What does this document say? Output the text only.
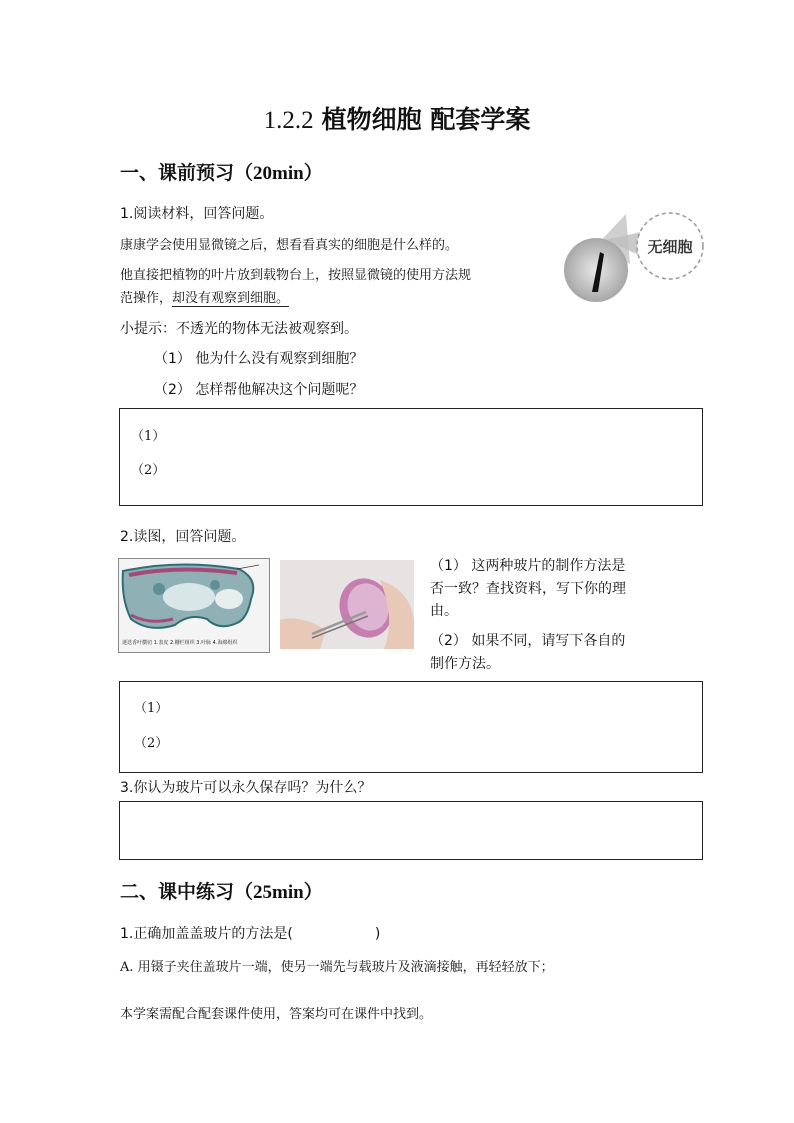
1.2.2 植物细胞 配套学案
一、课前预习（20min）
1.阅读材料，回答问题。
康康学会使用显微镜之后，想看看真实的细胞是什么样的。
他直接把植物的叶片放到载物台上，按照显微镜的使用方法规
范操作，却没有观察到细胞。
无细胞
小提示：不透光的物体无法被观察到。
（1） 他为什么没有观察到细胞？
（2） 怎样帮他解决这个问题呢？
（1）
（2）
2.读图，回答问题。
迷迭香叶横切 1.表皮 2.栅栏组织 3.叶脉 4.海绵组织
（1） 这两种玻片的制作方法是
否一致？查找资料，写下你的理
由。
（2） 如果不同，请写下各自的
制作方法。
（1）
（2）
3.你认为玻片可以永久保存吗？为什么？
二、课中练习（25min）
1.正确加盖盖玻片的方法是(	)
A. 用镊子夹住盖玻片一端，使另一端先与载玻片及液滴接触，再轻轻放下；
本学案需配合配套课件使用，答案均可在课件中找到。
